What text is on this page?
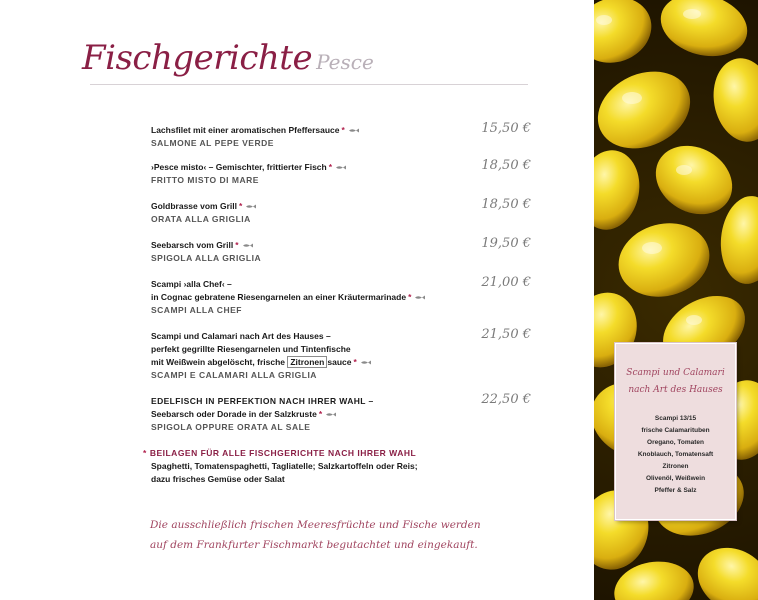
Fischgerichte Pesce
Lachsfilet mit einer aromatischen Pfeffersauce *
SALMONE AL PEPE VERDE
15,50 €
›Pesce misto‹ – Gemischter, frittierter Fisch *
FRITTO MISTO DI MARE
18,50 €
Goldbrasse vom Grill *
ORATA ALLA GRIGLIA
18,50 €
Seebarsch vom Grill *
SPIGOLA ALLA GRIGLIA
19,50 €
Scampi ›alla Chef‹ –
in Cognac gebratene Riesengarnelen an einer Kräutermarinade *
SCAMPI ALLA CHEF
21,00 €
Scampi und Calamari nach Art des Hauses –
perfekt gegrillte Riesengarnelen und Tintenfische
mit Weißwein abgelöscht, frische Zitronen sauce *
SCAMPI E CALAMARI ALLA GRIGLIA
21,50 €
EDELFISCH IN PERFEKTION NACH IHRER WAHL –
Seebarsch oder Dorade in der Salzkruste *
SPIGOLA OPPURE ORATA AL SALE
22,50 €
* BEILAGEN FÜR ALLE FISCHGERICHTE NACH IHRER WAHL
Spaghetti, Tomatenspaghetti, Tagliatelle; Salzkartoffeln oder Reis;
dazu frisches Gemüse oder Salat
Die ausschließlich frischen Meeresfrüchte und Fische werden
auf dem Frankfurter Fischmarkt begutachtet und eingekauft.
Scampi und Calamari
nach Art des Hauses
Scampi 13/15
frische Calamarituben
Oregano, Tomaten
Knoblauch, Tomatensaft
Zitronen
Olivenöl, Weißwein
Pfeffer & Salz
